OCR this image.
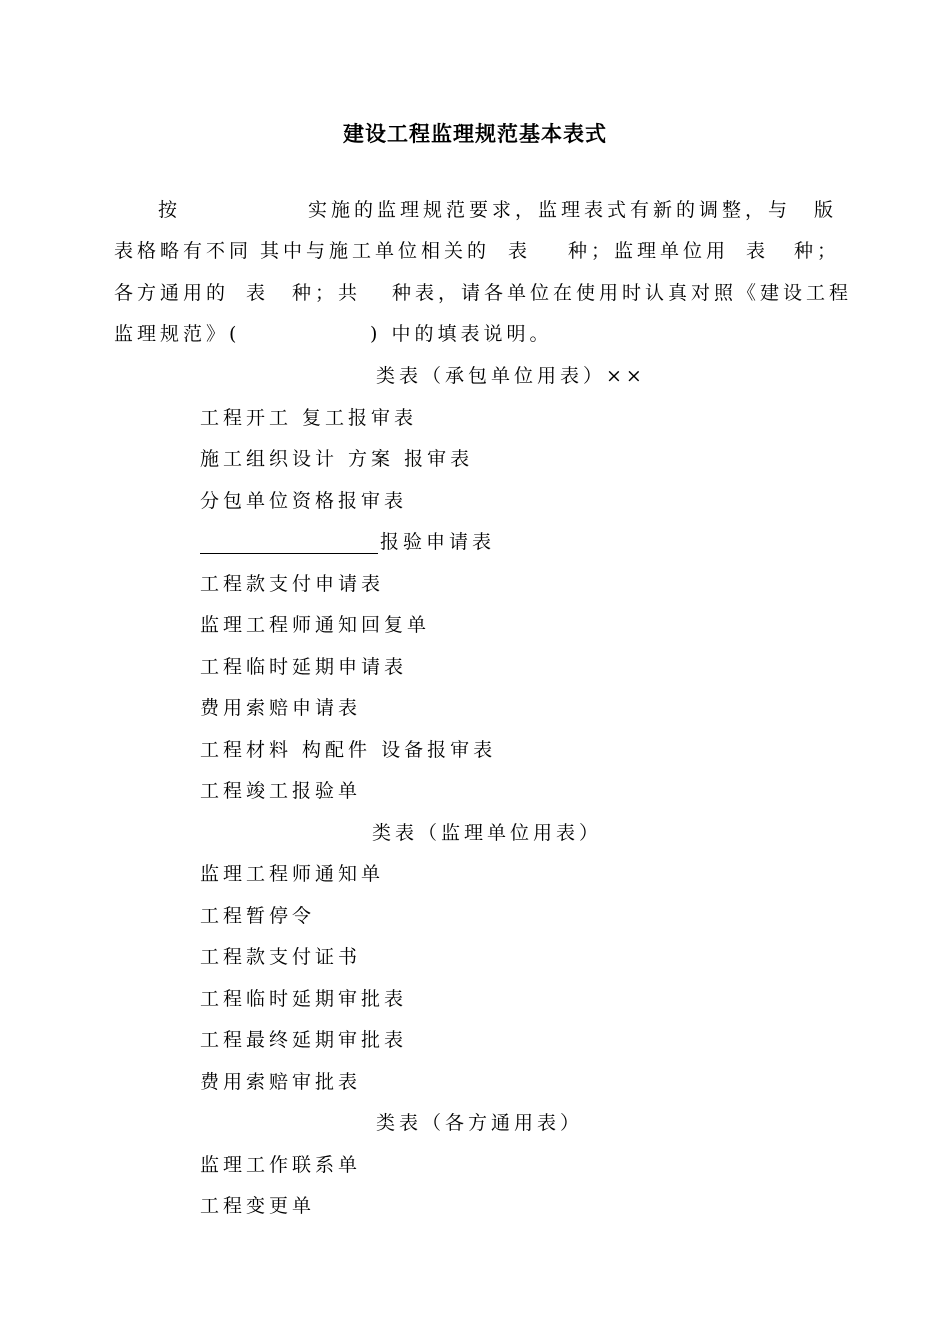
建设工程监理规范基本表式
按	实施的监理规范要求，监理表式有新的调整，与 版
表格略有不同 其中与施工单位相关的 表 种；监理单位用 表 种；
各方通用的 表 种；共 种表，请各单位在使用时认真对照《建设工程
监理规范》(	) 中的填表说明。
类表（承包单位用表）××
工程开工 复工报审表
施工组织设计 方案 报审表
分包单位资格报审表
报验申请表
工程款支付申请表
监理工程师通知回复单
工程临时延期申请表
费用索赔申请表
工程材料 构配件 设备报审表
工程竣工报验单
类表（监理单位用表）
监理工程师通知单
工程暂停令
工程款支付证书
工程临时延期审批表
工程最终延期审批表
费用索赔审批表
类表（各方通用表）
监理工作联系单
工程变更单
